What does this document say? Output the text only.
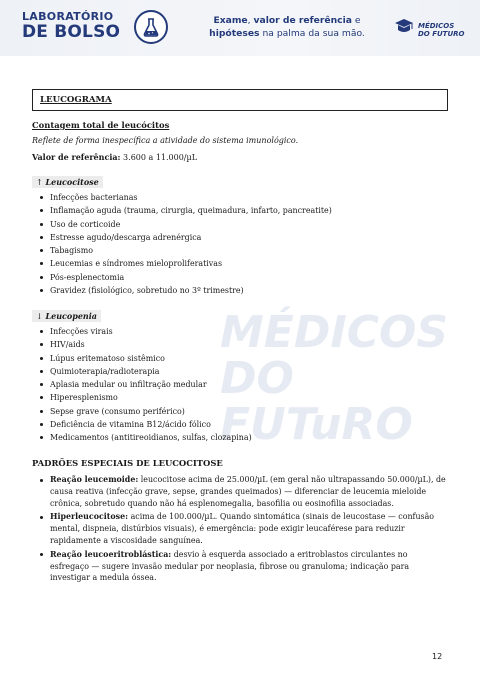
LABORATÓRIO
DE BOLSO
Exame, valor de referência e
hipóteses na palma da sua mão.
MÉDICOS
DO FUTURO
MÉDICOS
DO FUTuRO
LEUCOGRAMA
Contagem total de leucócitos
Reflete de forma inespecífica a atividade do sistema imunológico.
Valor de referência: 3.600 a 11.000/µL
↑ Leucocitose
Infecções bacterianas
Inflamação aguda (trauma, cirurgia, queimadura, infarto, pancreatite)
Uso de corticoide
Estresse agudo/descarga adrenérgica
Tabagismo
Leucemias e síndromes mieloproliferativas
Pós-esplenectomia
Gravidez (fisiológico, sobretudo no 3º trimestre)
↓ Leucopenia
Infecções virais
HIV/aids
Lúpus eritematoso sistêmico
Quimioterapia/radioterapia
Aplasia medular ou infiltração medular
Hiperesplenismo
Sepse grave (consumo periférico)
Deficiência de vitamina B12/ácido fólico
Medicamentos (antitireoidianos, sulfas, clozapina)
PADRÕES ESPECIAIS DE LEUCOCITOSE
Reação leucemoide: leucocitose acima de 25.000/µL (em geral não ultrapassando 50.000/µL), de causa reativa (infecção grave, sepse, grandes queimados) — diferenciar de leucemia mieloide crônica, sobretudo quando não há esplenomegalia, basofilia ou eosinofilia associadas.
Hiperleucocitose: acima de 100.000/µL. Quando sintomática (sinais de leucostase — confusão mental, dispneia, distúrbios visuais), é emergência: pode exigir leucaférese para reduzir rapidamente a viscosidade sanguínea.
Reação leucoeritroblástica: desvio à esquerda associado a eritroblastos circulantes no esfregaço — sugere invasão medular por neoplasia, fibrose ou granuloma; indicação para investigar a medula óssea.
12
